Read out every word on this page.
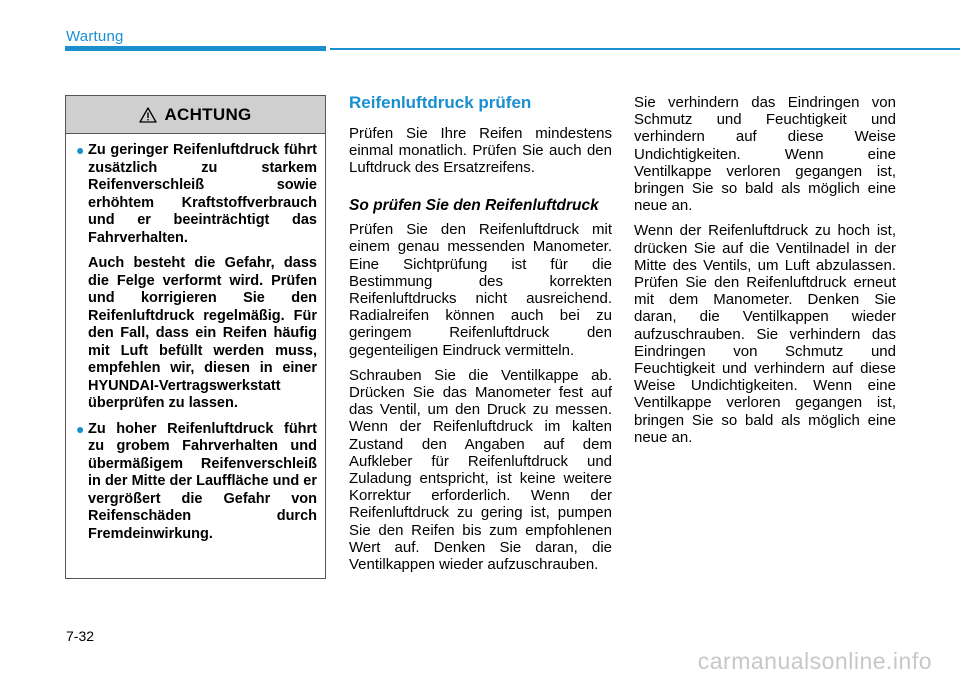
Wartung
ACHTUNG
● Zu geringer Reifenluftdruck führt zusätzlich zu starkem Reifenverschleiß sowie erhöhtem Kraftstoffverbrauch und er beeinträchtigt das Fahrverhalten.

Auch besteht die Gefahr, dass die Felge verformt wird. Prüfen und korrigieren Sie den Reifenluftdruck regelmäßig. Für den Fall, dass ein Reifen häufig mit Luft befüllt werden muss, empfehlen wir, diesen in einer HYUNDAI-Vertragswerkstatt überprüfen zu lassen.

● Zu hoher Reifenluftdruck führt zu grobem Fahrverhalten und übermäßigem Reifenverschleiß in der Mitte der Lauffläche und er vergrößert die Gefahr von Reifenschäden durch Fremdeinwirkung.

Reifenluftdruck prüfen

Prüfen Sie Ihre Reifen mindestens einmal monatlich. Prüfen Sie auch den Luftdruck des Ersatzreifens.

So prüfen Sie den Reifenluftdruck

Prüfen Sie den Reifenluftdruck mit einem genau messenden Manometer. Eine Sichtprüfung ist für die Bestimmung des korrekten Reifenluftdrucks nicht ausreichend. Radialreifen können auch bei zu geringem Reifenluftdruck den gegenteiligen Eindruck vermitteln.

Schrauben Sie die Ventilkappe ab. Drücken Sie das Manometer fest auf das Ventil, um den Druck zu messen. Wenn der Reifenluftdruck im kalten Zustand den Angaben auf dem Aufkleber für Reifenluftdruck und Zuladung entspricht, ist keine weitere Korrektur erforderlich. Wenn der Reifenluftdruck zu gering ist, pumpen Sie den Reifen bis zum empfohlenen Wert auf. Denken Sie daran, die Ventilkappen wieder aufzuschrauben.

Sie verhindern das Eindringen von Schmutz und Feuchtigkeit und verhindern auf diese Weise Undichtigkeiten. Wenn eine Ventilkappe verloren gegangen ist, bringen Sie so bald als möglich eine neue an.

Wenn der Reifenluftdruck zu hoch ist, drücken Sie auf die Ventilnadel in der Mitte des Ventils, um Luft abzulassen. Prüfen Sie den Reifenluftdruck erneut mit dem Manometer. Denken Sie daran, die Ventilkappen wieder aufzuschrauben. Sie verhindern das Eindringen von Schmutz und Feuchtigkeit und verhindern auf diese Weise Undichtigkeiten. Wenn eine Ventilkappe verloren gegangen ist, bringen Sie so bald als möglich eine neue an.

7-32
carmanualsonline.info
